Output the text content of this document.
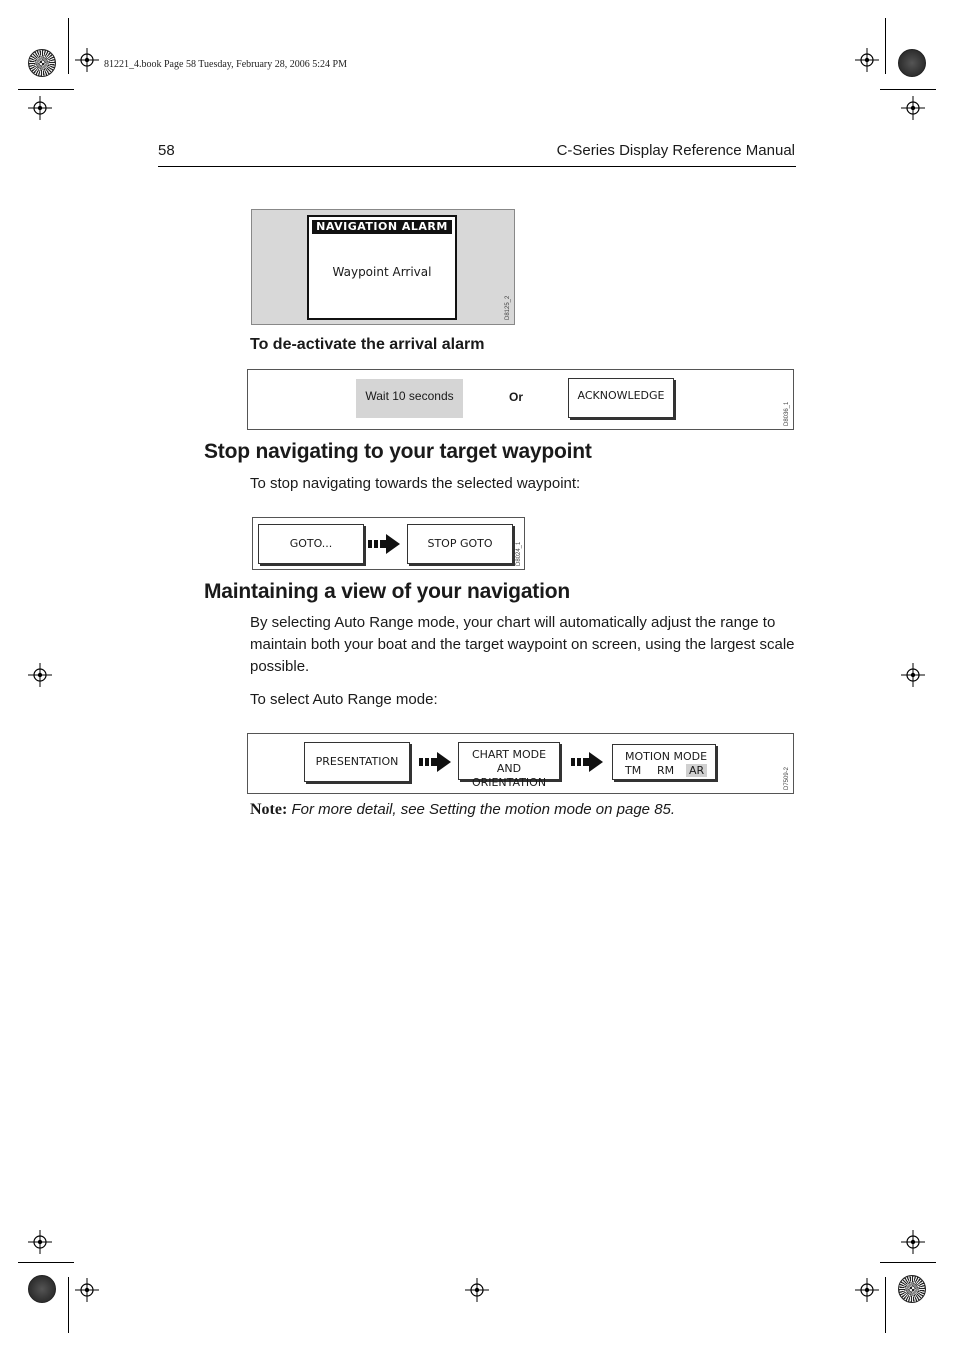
81221_4.book Page 58 Tuesday, February 28, 2006 5:24 PM
58	C-Series Display Reference Manual
NAVIGATION ALARM
Waypoint Arrival
D8125_2
To de-activate the arrival alarm
Wait 10 seconds	Or	ACKNOWLEDGE
D8036_1
Stop navigating to your target waypoint
To stop navigating towards the selected waypoint:
GOTO...	STOP GOTO	D8024_1
Maintaining a view of your navigation
By selecting Auto Range mode, your chart will automatically adjust the range to maintain both your boat and the target waypoint on screen, using the largest scale possible.
To select Auto Range mode:
PRESENTATION
CHART MODE AND ORIENTATION
MOTION MODE
TM RM AR	D7509-2
Note: For more detail, see Setting the motion mode on page 85.
